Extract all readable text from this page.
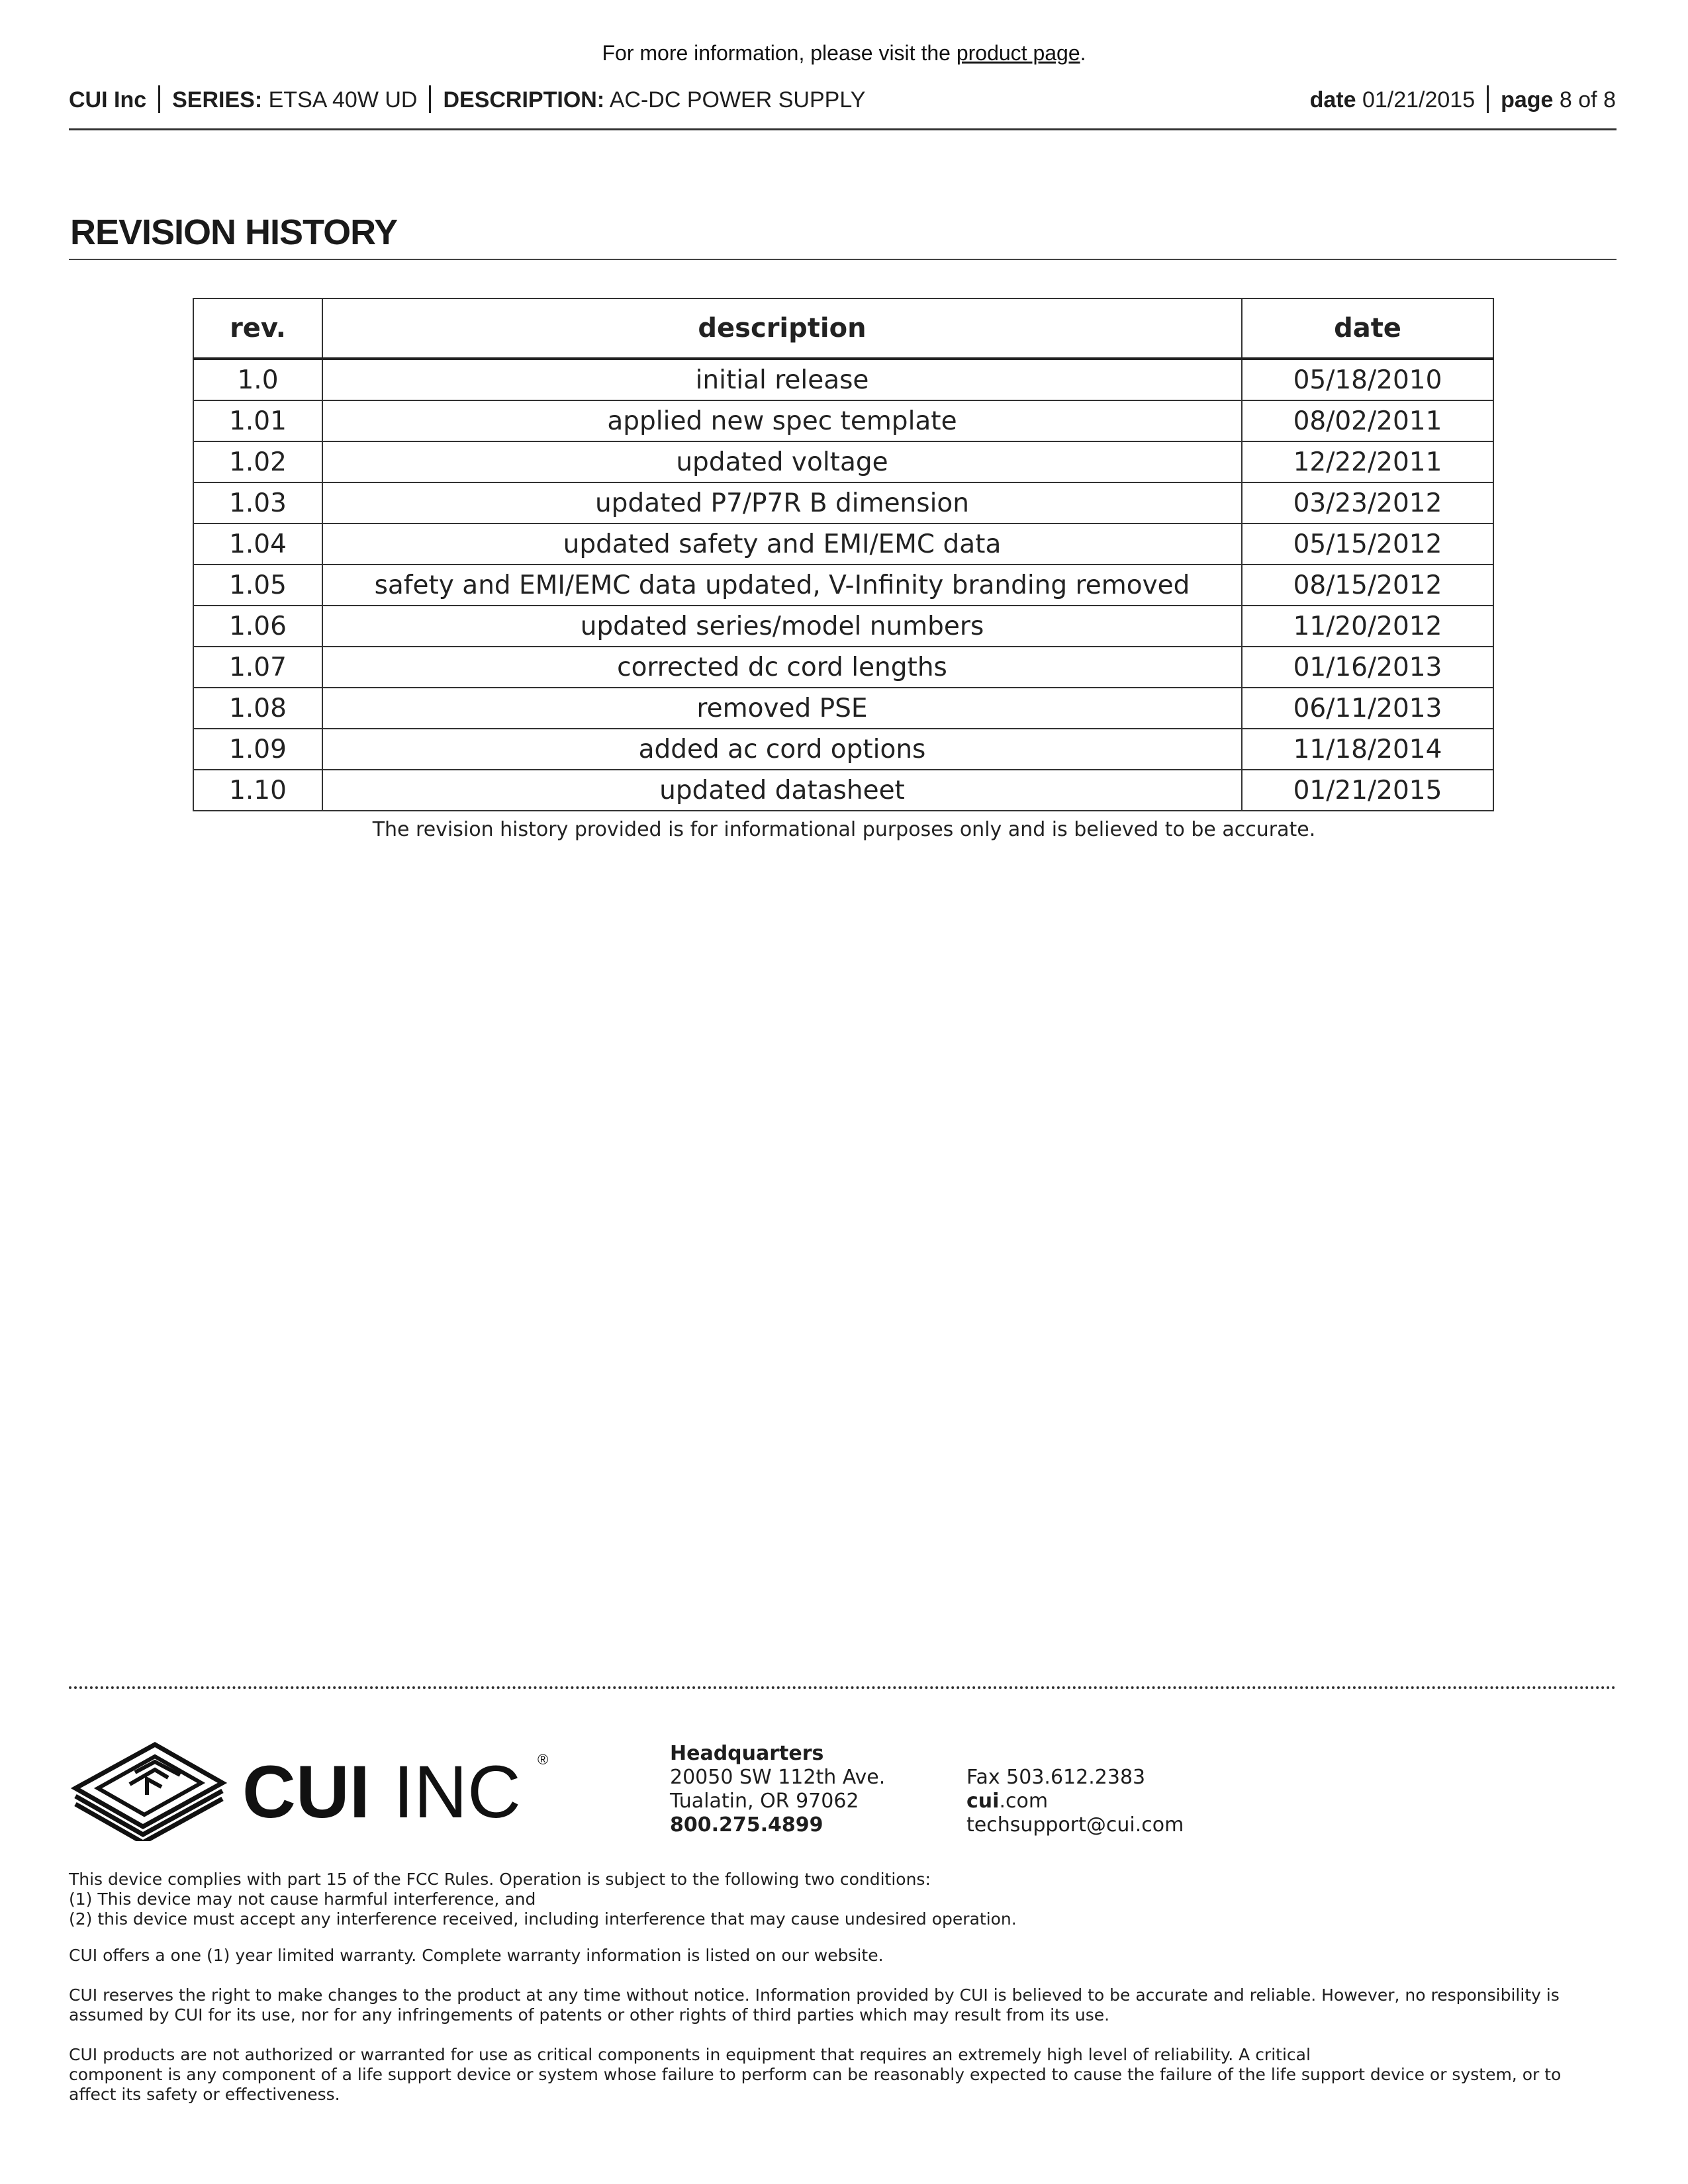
For more information, please visit the product page.
CUI Inc SERIES: ETSA 40W UD DESCRIPTION: AC-DC POWER SUPPLY	date 01/21/2015 page 8 of 8
REVISION HISTORY
rev.	description	date
1.0	initial release	05/18/2010
1.01	applied new spec template	08/02/2011
1.02	updated voltage	12/22/2011
1.03	updated P7/P7R B dimension	03/23/2012
1.04	updated safety and EMI/EMC data	05/15/2012
1.05	safety and EMI/EMC data updated, V-Infinity branding removed	08/15/2012
1.06	updated series/model numbers	11/20/2012
1.07	corrected dc cord lengths	01/16/2013
1.08	removed PSE	06/11/2013
1.09	added ac cord options	11/18/2014
1.10	updated datasheet	01/21/2015
The revision history provided is for informational purposes only and is believed to be accurate.
CUI INC ®	Headquarters
20050 SW 112th Ave.
Tualatin, OR 97062
800.275.4899
Fax 503.612.2383
cui.com
techsupport@cui.com

This device complies with part 15 of the FCC Rules. Operation is subject to the following two conditions:

(1) This device may not cause harmful interference, and

(2) this device must accept any interference received, including interference that may cause undesired operation.

CUI offers a one (1) year limited warranty. Complete warranty information is listed on our website.

CUI reserves the right to make changes to the product at any time without notice. Information provided by CUI is believed to be accurate and reliable. However, no responsibility is

assumed by CUI for its use, nor for any infringements of patents or other rights of third parties which may result from its use.

CUI products are not authorized or warranted for use as critical components in equipment that requires an extremely high level of reliability. A critical

component is any component of a life support device or system whose failure to perform can be reasonably expected to cause the failure of the life support device or system, or to

affect its safety or effectiveness.
